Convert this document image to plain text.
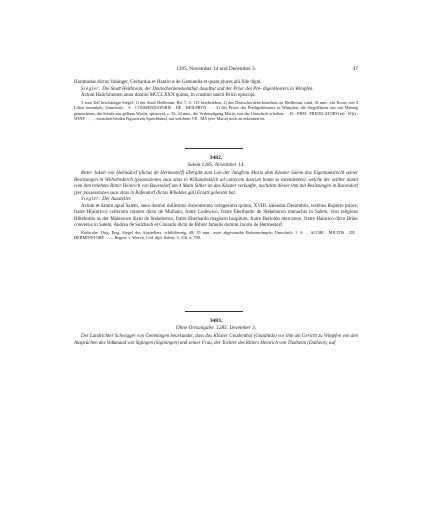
1285. November 14 und December 3.	47

Harimudus dictus Vahinger, Gerbardus et Hanricus de Gamundia et quam plures alii fide digni.

Siegler: Die Stadt Heilbronn, der Deutschordenskomthur daselbst und der Prior des Pre- digerklosters in Wimpfen.

Actum Halichrunnen anno domini MCCLXXX quinto, in crastino sancti Bricii episcopi.

3 zum Teil beschädigte Siegel: 1) der Stadt Heilbronn, Bd. 7, S. 110 beschrieben. 2) des Deutschordens-komthurs zu Heilbronn, rund, 36 mm., ein Kreuz von 4 Lilien bewinkelt; Umschrift: . S . CONMENDATORIS . DE . HEILPRVN . . . 3) des Priors des Predigerklosters in Wimpfen, die Siegelfläche aus mit Mennig gemischtem, die Schale aus gelbem Wachs, spitzoval, c. 35, 24 mm., die Verkündigung Mariä, von der Umschrift erhalten: . . IS . FRM . PREDICATORV(m) . W(i) . WINP . . . . ; zwischen beiden Figuren ein Spruchband, auf welchem VE . MA (ave Maria) noch zu erkennen ist.

3482.

Salem 1285. November 14.

Ritter Jakob von Helmsdorf (dictus de Hermestorf) übergibt zum Lob der Jungfrau Maria dem Kloster Salem das Eigentumsrecht seiner Besitzungen in Wilhelmskirch (possessiones suas sitas in Willandeskilch ad cultoram duorum boum se extendentes), welche der seither damit vom ihm belehnte Ritter Heinrich von Bavendorf um 4 Mark Silber an das Kloster verkaufte, nachdem dieser ihm mit Besitzungen in Bavendorf (per possessiones suas sitas in Bafendorf dictas Ribaldes güt) Ersatz geleistet hat.

Siegler: Der Aussteller.

Actum et datum apud Salem, anno domini millesimo ducentesimo octogesimo quinto, XVIII. kalendas Decembris, testibus Ruperto priore, fratre H(ainrico) cellerario minore dicto de Mulhain, fratre Ludewico, fratre Eberhardo de Stekeboron monachis in Salem, viro religioso Hiltebolde us der Maienowe dicto de Stekeboron, fratre Eberhardo magistro hospitum, fratre Bertoldo mercatore, fratre Hainrico dicto Brüer conversis in Salem, Andrea de Sulzbach et Cônrado dicto de Bibrer famulis domini Jacobi de Hermestorf.

Karlsruhe. Orig. Perg. Siegel des Ausstellers, schildförmig, 48, 35 mm., zwei abgewandte Einhornrümpfe; Umschrift: † S . . ACOBI . MILITIS . DE . HERMINSTORF . . — Regest: v. Weech, Cod. dipl. Salem. 3, 316, n. 700.

3483.

Ohne Ortsangabe. 1285. Dezember 3.

Der Landrichter Schwigger von Gemmingen beurkundet, dass das Kloster Gnadenthal (Gnadinda) vor ihm am Gericht zu Wimpfen von den Ansprüchen des Volkmand von Sigingen (Siginingen) und seiner Frau, der Tochter des Ritters Heinrich von Thalheim (Dalhein), auf
